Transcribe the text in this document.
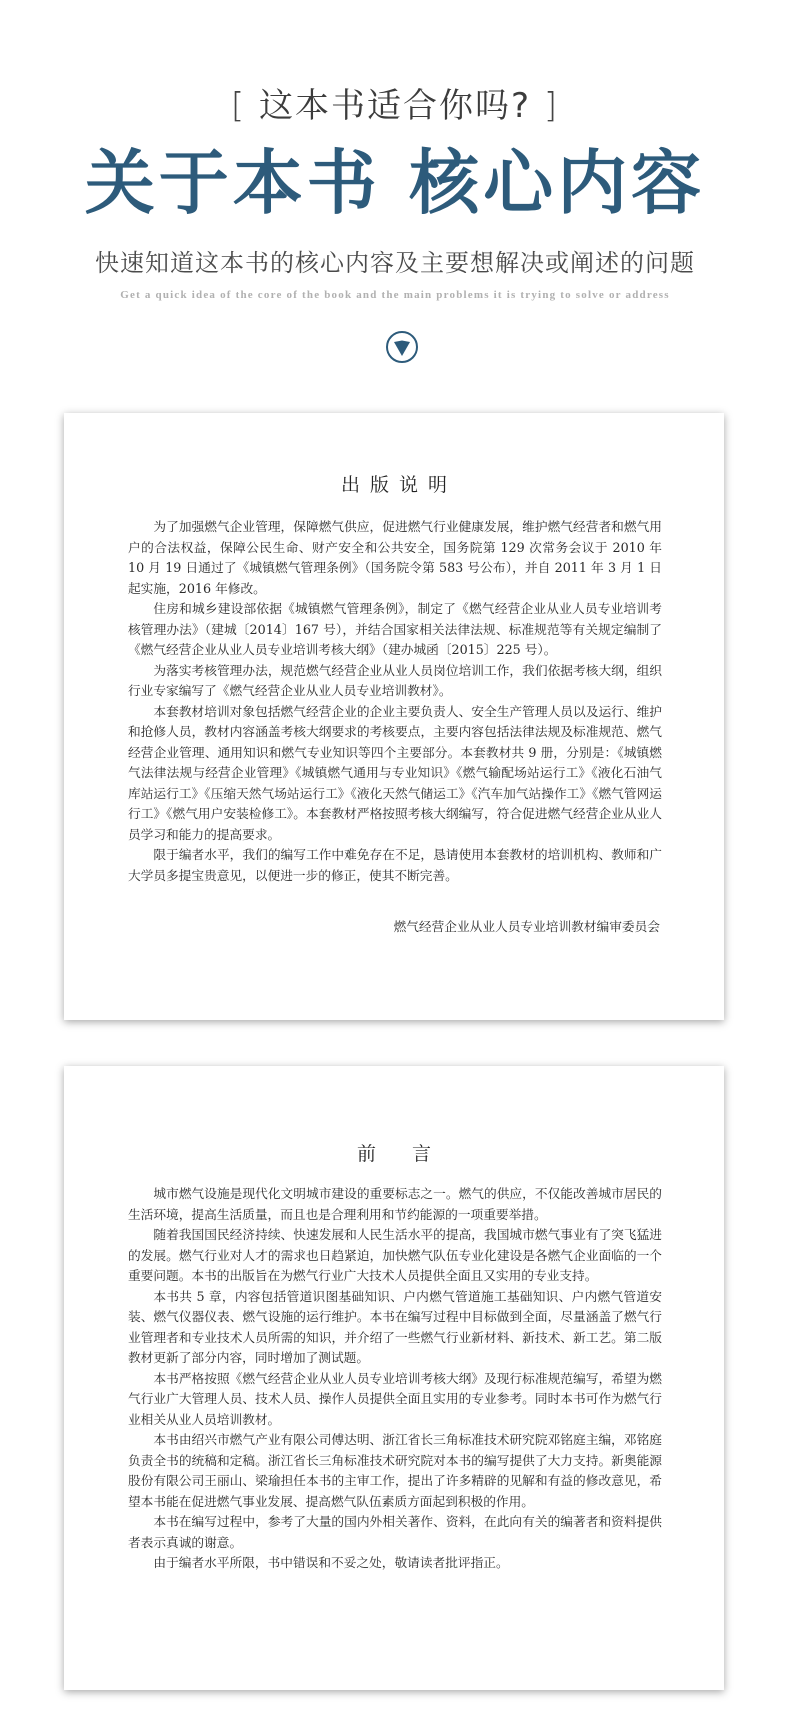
[ 这本书适合你吗? ]
关于本书 核心内容
快速知道这本书的核心内容及主要想解决或阐述的问题
Get a quick idea of the core of the book and the main problems it is trying to solve or address
出版说明

为了加强燃气企业管理，保障燃气供应，促进燃气行业健康发展，维护燃气经营者和燃气用户的合法权益，保障公民生命、财产安全和公共安全，国务院第 129 次常务会议于 2010 年 10 月 19 日通过了《城镇燃气管理条例》（国务院令第 583 号公布），并自 2011 年 3 月 1 日起实施，2016 年修改。

住房和城乡建设部依据《城镇燃气管理条例》，制定了《燃气经营企业从业人员专业培训考核管理办法》（建城〔2014〕167 号），并结合国家相关法律法规、标准规范等有关规定编制了《燃气经营企业从业人员专业培训考核大纲》（建办城函〔2015〕225 号）。

为落实考核管理办法，规范燃气经营企业从业人员岗位培训工作，我们依据考核大纲，组织行业专家编写了《燃气经营企业从业人员专业培训教材》。

本套教材培训对象包括燃气经营企业的企业主要负责人、安全生产管理人员以及运行、维护和抢修人员，教材内容涵盖考核大纲要求的考核要点，主要内容包括法律法规及标准规范、燃气经营企业管理、通用知识和燃气专业知识等四个主要部分。本套教材共 9 册，分别是：《城镇燃气法律法规与经营企业管理》《城镇燃气通用与专业知识》《燃气输配场站运行工》《液化石油气库站运行工》《压缩天然气场站运行工》《液化天然气储运工》《汽车加气站操作工》《燃气管网运行工》《燃气用户安装检修工》。本套教材严格按照考核大纲编写，符合促进燃气经营企业从业人员学习和能力的提高要求。

限于编者水平，我们的编写工作中难免存在不足，恳请使用本套教材的培训机构、教师和广大学员多提宝贵意见，以便进一步的修正，使其不断完善。

燃气经营企业从业人员专业培训教材编审委员会
前言

城市燃气设施是现代化文明城市建设的重要标志之一。燃气的供应，不仅能改善城市居民的生活环境，提高生活质量，而且也是合理利用和节约能源的一项重要举措。

随着我国国民经济持续、快速发展和人民生活水平的提高，我国城市燃气事业有了突飞猛进的发展。燃气行业对人才的需求也日趋紧迫，加快燃气队伍专业化建设是各燃气企业面临的一个重要问题。本书的出版旨在为燃气行业广大技术人员提供全面且又实用的专业支持。

本书共 5 章，内容包括管道识图基础知识、户内燃气管道施工基础知识、户内燃气管道安装、燃气仪器仪表、燃气设施的运行维护。本书在编写过程中目标做到全面，尽量涵盖了燃气行业管理者和专业技术人员所需的知识，并介绍了一些燃气行业新材料、新技术、新工艺。第二版教材更新了部分内容，同时增加了测试题。

本书严格按照《燃气经营企业从业人员专业培训考核大纲》及现行标准规范编写，希望为燃气行业广大管理人员、技术人员、操作人员提供全面且实用的专业参考。同时本书可作为燃气行业相关从业人员培训教材。

本书由绍兴市燃气产业有限公司傅达明、浙江省长三角标准技术研究院邓铭庭主编，邓铭庭负责全书的统稿和定稿。浙江省长三角标准技术研究院对本书的编写提供了大力支持。新奥能源股份有限公司王丽山、梁瑜担任本书的主审工作，提出了许多精辟的见解和有益的修改意见，希望本书能在促进燃气事业发展、提高燃气队伍素质方面起到积极的作用。

本书在编写过程中，参考了大量的国内外相关著作、资料，在此向有关的编著者和资料提供者表示真诚的谢意。

由于编者水平所限，书中错误和不妥之处，敬请读者批评指正。
